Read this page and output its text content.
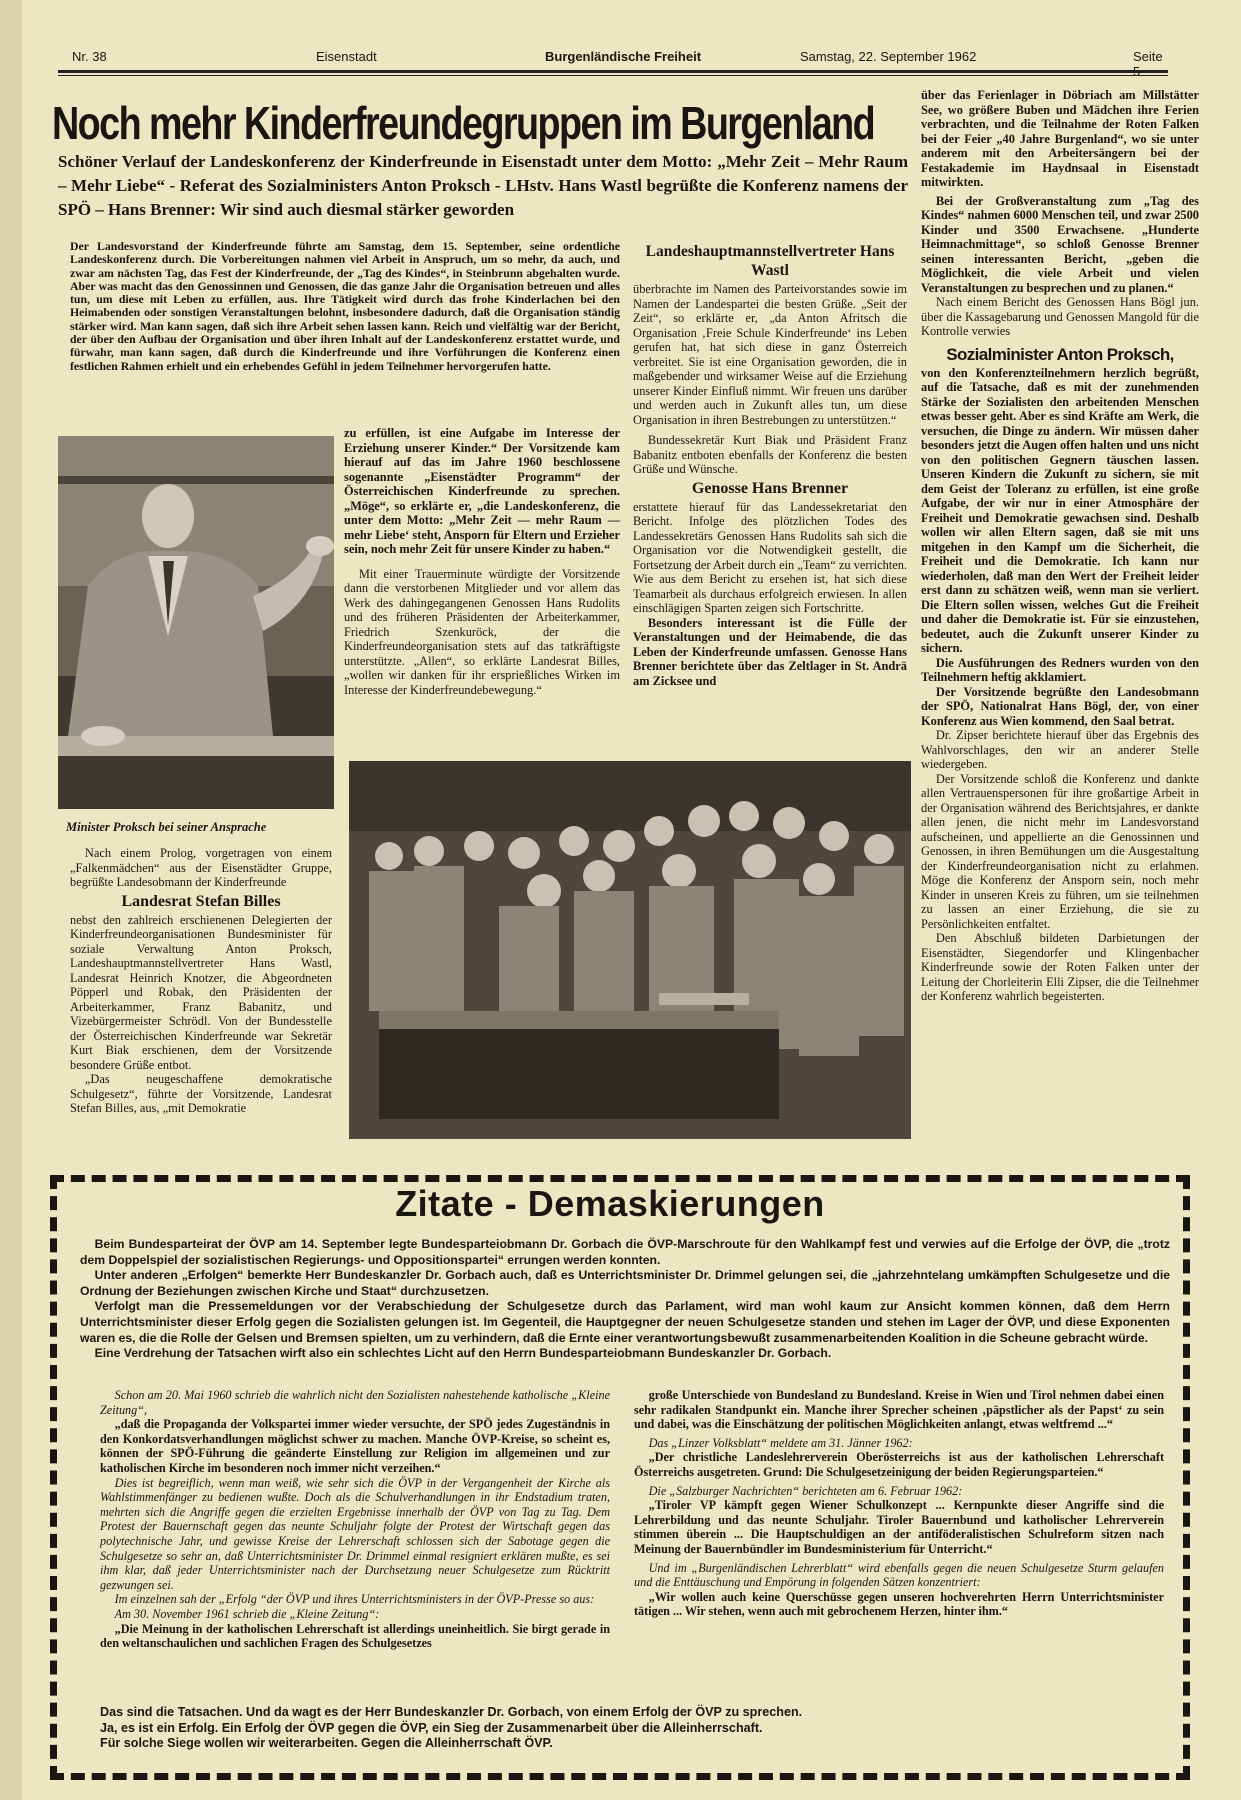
Nr. 38	Eisenstadt	Burgenländische Freiheit	Samstag, 22. September 1962	Seite
Noch mehr Kinderfreundegruppen im Burgenland
Schöner Verlauf der Landeskonferenz der Kinderfreunde in Eisenstadt unter dem Motto: „Mehr Zeit – Mehr Raum – Mehr Liebe“ - Referat des Sozialministers Anton Proksch - LHstv. Hans Wastl begrüßte die Konferenz namens der SPÖ – Hans Brenner: Wir sind auch diesmal stärker geworden

Der Landesvorstand der Kinderfreunde führte am Samstag, dem 15. September, seine ordentliche Landeskonferenz durch. Die Vorbereitungen nahmen viel Arbeit in Anspruch, um so mehr, da auch, und zwar am nächsten Tag, das Fest der Kinderfreunde, der „Tag des Kindes“, in Steinbrunn abgehalten wurde. Aber was macht das den Genossinnen und Genossen, die das ganze Jahr die Organisation betreuen und alles tun, um diese mit Leben zu erfüllen, aus. Ihre Tätigkeit wird durch das frohe Kinderlachen bei den Heimabenden oder sonstigen Veranstaltungen belohnt, insbesondere dadurch, daß die Organisation ständig stärker wird. Man kann sagen, daß sich ihre Arbeit sehen lassen kann. Reich und vielfältig war der Bericht, der über den Aufbau der Organisation und über ihren Inhalt auf der Landeskonferenz erstattet wurde, und fürwahr, man kann sagen, daß durch die Kinderfreunde und ihre Vorführungen die Konferenz einen festlichen Rahmen erhielt und ein erhebendes Gefühl in jedem Teilnehmer hervorgerufen hatte.

Minister Proksch bei seiner Ansprache

Nach einem Prolog, vorgetragen von einem „Falkenmädchen“ aus der Eisenstädter Gruppe, begrüßte Landesobmann der Kinderfreunde

Landesrat Stefan Billes

nebst den zahlreich erschienenen Delegierten der Kinderfreundeorganisationen Bundesminister für soziale Verwaltung Anton Proksch, Landeshauptmannstellvertreter Hans Wastl, Landesrat Heinrich Knotzer, die Abgeordneten Pöpperl und Robak, den Präsidenten der Arbeiterkammer, Franz Babanitz, und Vizebürgermeister Schrödl. Von der Bundesstelle der Österreichischen Kinderfreunde war Sekretär Kurt Biak erschienen, dem der Vorsitzende besondere Grüße entbot.

„Das neugeschaffene demokratische Schulgesetz“, führte der Vorsitzende, Landesrat Stefan Billes, aus, „mit Demokratie

zu erfüllen, ist eine Aufgabe im Interesse der Erziehung unserer Kinder.“ Der Vorsitzende kam hierauf auf das im Jahre 1960 beschlossene sogenannte „Eisenstädter Programm“ der Österreichischen Kinderfreunde zu sprechen. „Möge“, so erklärte er, „die Landeskonferenz, die unter dem Motto: „Mehr Zeit — mehr Raum — mehr Liebe‘ steht, Ansporn für Eltern und Erzieher sein, noch mehr Zeit für unsere Kinder zu haben.“

Mit einer Trauerminute würdigte der Vorsitzende dann die verstorbenen Mitglieder und vor allem das Werk des dahingegangenen Genossen Hans Rudolits und des früheren Präsidenten der Arbeiterkammer, Friedrich Szenkuröck, der die Kinderfreundeorganisation stets auf das tatkräftigste unterstützte. „Allen“, so erklärte Landesrat Billes, „wollen wir danken für ihr ersprießliches Wirken im Interesse der Kinderfreundebewegung.“

Landeshauptmannstellvertreter Hans Wastl

überbrachte im Namen des Parteivorstandes sowie im Namen der Landespartei die besten Grüße. „Seit der Zeit“, so erklärte er, „da Anton Afritsch die Organisation ‚Freie Schule Kinderfreunde‘ ins Leben gerufen hat, hat sich diese in ganz Österreich verbreitet. Sie ist eine Organisation geworden, die in maßgebender und wirksamer Weise auf die Erziehung unserer Kinder Einfluß nimmt. Wir freuen uns darüber und werden auch in Zukunft alles tun, um diese Organisation in ihren Bestrebungen zu unterstützen.“

Bundessekretär Kurt Biak und Präsident Franz Babanitz entboten ebenfalls der Konferenz die besten Grüße und Wünsche.

Genosse Hans Brenner

erstattete hierauf für das Landessekretariat den Bericht. Infolge des plötzlichen Todes des Landessekretärs Genossen Hans Rudolits sah sich die Organisation vor die Notwendigkeit gestellt, die Fortsetzung der Arbeit durch ein „Team“ zu verrichten. Wie aus dem Bericht zu ersehen ist, hat sich diese Teamarbeit als durchaus erfolgreich erwiesen. In allen einschlägigen Sparten zeigen sich Fortschritte.

Besonders interessant ist die Fülle der Veranstaltungen und der Heimabende, die das Leben der Kinderfreunde umfassen. Genosse Hans Brenner berichtete über das Zeltlager in St. Andrä am Zicksee und

über das Ferienlager in Döbriach am Millstätter See, wo größere Buben und Mädchen ihre Ferien verbrachten, und die Teilnahme der Roten Falken bei der Feier „40 Jahre Burgenland“, wo sie unter anderem mit den Arbeitersängern bei der Festakademie im Haydnsaal in Eisenstadt mitwirkten.

Bei der Großveranstaltung zum „Tag des Kindes“ nahmen 6000 Menschen teil, und zwar 2500 Kinder und 3500 Erwachsene. „Hunderte Heimnachmittage“, so schloß Genosse Brenner seinen interessanten Bericht, „geben die Möglichkeit, die viele Arbeit und vielen Veranstaltungen zu besprechen und zu planen.“

Nach einem Bericht des Genossen Hans Bögl jun. über die Kassagebarung und Genossen Mangold für die Kontrolle verwies

Sozialminister Anton Proksch,

von den Konferenzteilnehmern herzlich begrüßt, auf die Tatsache, daß es mit der zunehmenden Stärke der Sozialisten den arbeitenden Menschen etwas besser geht. Aber es sind Kräfte am Werk, die versuchen, die Dinge zu ändern. Wir müssen daher besonders jetzt die Augen offen halten und uns nicht von den politischen Gegnern täuschen lassen. Unseren Kindern die Zukunft zu sichern, sie mit dem Geist der Toleranz zu erfüllen, ist eine große Aufgabe, der wir nur in einer Atmosphäre der Freiheit und Demokratie gewachsen sind. Deshalb wollen wir allen Eltern sagen, daß sie mit uns mitgehen in den Kampf um die Sicherheit, die Freiheit und die Demokratie. Ich kann nur wiederholen, daß man den Wert der Freiheit leider erst dann zu schätzen weiß, wenn man sie verliert. Die Eltern sollen wissen, welches Gut die Freiheit und daher die Demokratie ist. Für sie einzustehen, bedeutet, auch die Zukunft unserer Kinder zu sichern.

Die Ausführungen des Redners wurden von den Teilnehmern heftig akklamiert.

Der Vorsitzende begrüßte den Landesobmann der SPÖ, Nationalrat Hans Bögl, der, von einer Konferenz aus Wien kommend, den Saal betrat.

Dr. Zipser berichtete hierauf über das Ergebnis des Wahlvorschlages, den wir an anderer Stelle wiedergeben.

Der Vorsitzende schloß die Konferenz und dankte allen Vertrauenspersonen für ihre großartige Arbeit in der Organisation während des Berichtsjahres, er dankte allen jenen, die nicht mehr im Landesvorstand aufscheinen, und appellierte an die Genossinnen und Genossen, in ihren Bemühungen um die Ausgestaltung der Kinderfreundeorganisation nicht zu erlahmen. Möge die Konferenz der Ansporn sein, noch mehr Kinder in unseren Kreis zu führen, um sie teilnehmen zu lassen an einer Erziehung, die sie zu Persönlichkeiten entfaltet.

Den Abschluß bildeten Darbietungen der Eisenstädter, Siegendorfer und Klingenbacher Kinderfreunde sowie der Roten Falken unter der Leitung der Chorleiterin Elli Zipser, die die Teilnehmer der Konferenz wahrlich begeisterten.

Zitate - Demaskierungen

Beim Bundesparteirat der ÖVP am 14. September legte Bundesparteiobmann Dr. Gorbach die ÖVP-Marschroute für den Wahlkampf fest und verwies auf die Erfolge der ÖVP, die „trotz dem Doppelspiel der sozialistischen Regierungs- und Oppositionspartei“ errungen werden konnten.

Unter anderen „Erfolgen“ bemerkte Herr Bundeskanzler Dr. Gorbach auch, daß es Unterrichtsminister Dr. Drimmel gelungen sei, die „jahrzehntelang umkämpften Schulgesetze und die Ordnung der Beziehungen zwischen Kirche und Staat“ durchzusetzen.

Verfolgt man die Pressemeldungen vor der Verabschiedung der Schulgesetze durch das Parlament, wird man wohl kaum zur Ansicht kommen können, daß dem Herrn Unterrichtsminister dieser Erfolg gegen die Sozialisten gelungen ist. Im Gegenteil, die Hauptgegner der neuen Schulgesetze standen und stehen im Lager der ÖVP, und diese Exponenten waren es, die die Rolle der Gelsen und Bremsen spielten, um zu verhindern, daß die Ernte einer verantwortungsbewußt zusammenarbeitenden Koalition in die Scheune gebracht würde.

Eine Verdrehung der Tatsachen wirft also ein schlechtes Licht auf den Herrn Bundesparteiobmann Bundeskanzler Dr. Gorbach.

Schon am 20. Mai 1960 schrieb die wahrlich nicht den Sozialisten nahestehende katholische „Kleine Zeitung“,

„daß die Propaganda der Volkspartei immer wieder versuchte, der SPÖ jedes Zugeständnis in den Konkordatsverhandlungen möglichst schwer zu machen. Manche ÖVP-Kreise, so scheint es, können der SPÖ-Führung die geänderte Einstellung zur Religion im allgemeinen und zur katholischen Kirche im besonderen noch immer nicht verzeihen.“

Dies ist begreiflich, wenn man weiß, wie sehr sich die ÖVP in der Vergangenheit der Kirche als Wahlstimmenfänger zu bedienen wußte. Doch als die Schulverhandlungen in ihr Endstadium traten, mehrten sich die Angriffe gegen die erzielten Ergebnisse innerhalb der ÖVP von Tag zu Tag. Dem Protest der Bauernschaft gegen das neunte Schuljahr folgte der Protest der Wirtschaft gegen das polytechnische Jahr, und gewisse Kreise der Lehrerschaft schlossen sich der Sabotage gegen die Schulgesetze so sehr an, daß Unterrichtsminister Dr. Drimmel einmal resigniert erklären mußte, es sei ihm klar, daß jeder Unterrichtsminister nach der Durchsetzung neuer Schulgesetze zum Rücktritt gezwungen sei.

Im einzelnen sah der „Erfolg “der ÖVP und ihres Unterrichtsministers in der ÖVP-Presse so aus:

Am 30. November 1961 schrieb die „Kleine Zeitung“:

„Die Meinung in der katholischen Lehrerschaft ist allerdings uneinheitlich. Sie birgt gerade in den weltanschaulichen und sachlichen Fragen des Schulgesetzes

große Unterschiede von Bundesland zu Bundesland. Kreise in Wien und Tirol nehmen dabei einen sehr radikalen Standpunkt ein. Manche ihrer Sprecher scheinen ‚päpstlicher als der Papst‘ zu sein und dabei, was die Einschätzung der politischen Möglichkeiten anlangt, etwas weltfremd ...“

Das „Linzer Volksblatt“ meldete am 31. Jänner 1962:

„Der christliche Landeslehrerverein Oberösterreichs ist aus der katholischen Lehrerschaft Österreichs ausgetreten. Grund: Die Schulgesetzeinigung der beiden Regierungsparteien.“

Die „Salzburger Nachrichten“ berichteten am 6. Februar 1962:

„Tiroler VP kämpft gegen Wiener Schulkonzept ... Kernpunkte dieser Angriffe sind die Lehrerbildung und das neunte Schuljahr. Tiroler Bauernbund und katholischer Lehrerverein stimmen überein ... Die Hauptschuldigen an der antiföderalistischen Schulreform sitzen nach Meinung der Bauernbündler im Bundesministerium für Unterricht.“

Und im „Burgenländischen Lehrerblatt“ wird ebenfalls gegen die neuen Schulgesetze Sturm gelaufen und die Enttäuschung und Empörung in folgenden Sätzen konzentriert:

„Wir wollen auch keine Querschüsse gegen unseren hochverehrten Herrn Unterrichtsminister tätigen ... Wir stehen, wenn auch mit gebrochenem Herzen, hinter ihm.“

Das sind die Tatsachen. Und da wagt es der Herr Bundeskanzler Dr. Gorbach, von einem Erfolg der ÖVP zu sprechen.

Ja, es ist ein Erfolg. Ein Erfolg der ÖVP gegen die ÖVP, ein Sieg der Zusammenarbeit über die Alleinherrschaft.

Für solche Siege wollen wir weiterarbeiten. Gegen die Alleinherrschaft ÖVP.
